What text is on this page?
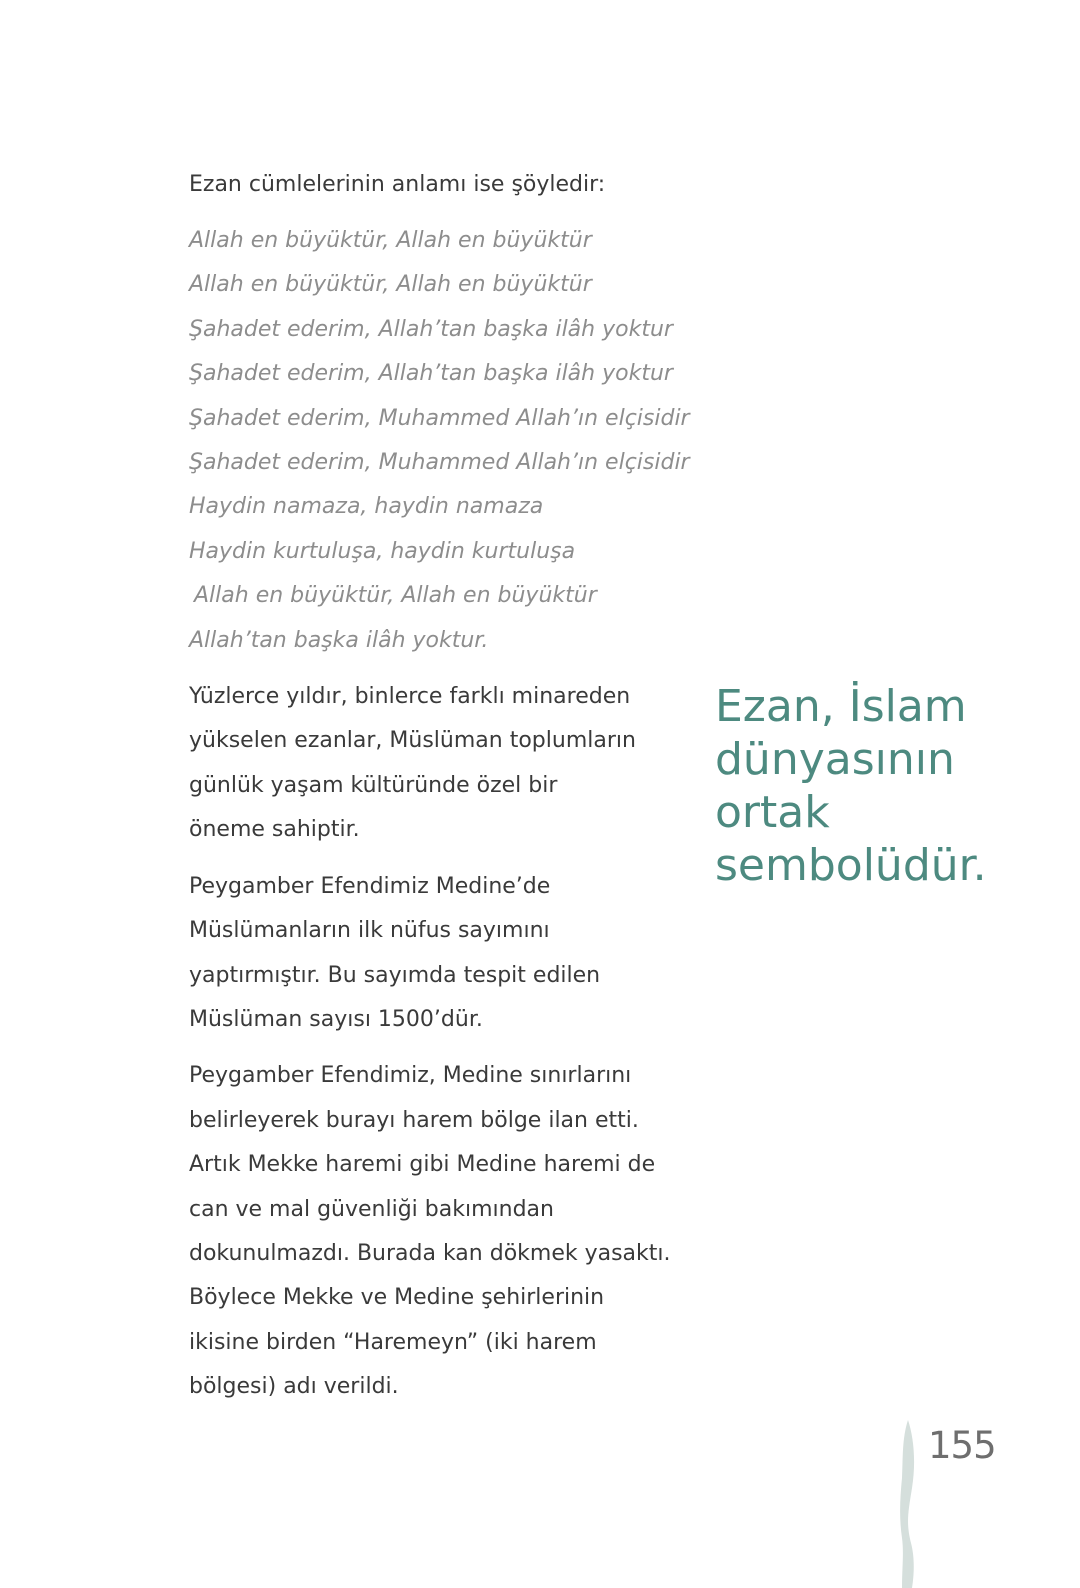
Ezan cümlelerinin anlamı ise şöyledir:

Allah en büyüktür, Allah en büyüktür
Allah en büyüktür, Allah en büyüktür
Şahadet ederim, Allah’tan başka ilâh yoktur
Şahadet ederim, Allah’tan başka ilâh yoktur
Şahadet ederim, Muhammed Allah’ın elçisidir
Şahadet ederim, Muhammed Allah’ın elçisidir
Haydin namaza, haydin namaza
Haydin kurtuluşa, haydin kurtuluşa
Allah en büyüktür, Allah en büyüktür
Allah’tan başka ilâh yoktur.

Yüzlerce yıldır, binlerce farklı minareden yükselen ezanlar, Müslüman toplumların günlük yaşam kültüründe özel bir öneme sahiptir.

Peygamber Efendimiz Medine’de Müslümanların ilk nüfus sayımını yaptırmıştır. Bu sayımda tespit edilen Müslüman sayısı 1500’dür.

Peygamber Efendimiz, Medine sınırlarını belirleyerek burayı harem bölge ilan etti. Artık Mekke haremi gibi Medine haremi de can ve mal güvenliği bakımından dokunulmazdı. Burada kan dökmek yasaktı. Böylece Mekke ve Medine şehirlerinin ikisine birden “Haremeyn” (iki harem bölgesi) adı verildi.

Ezan, İslam dünyasının ortak sembolüdür.

155
